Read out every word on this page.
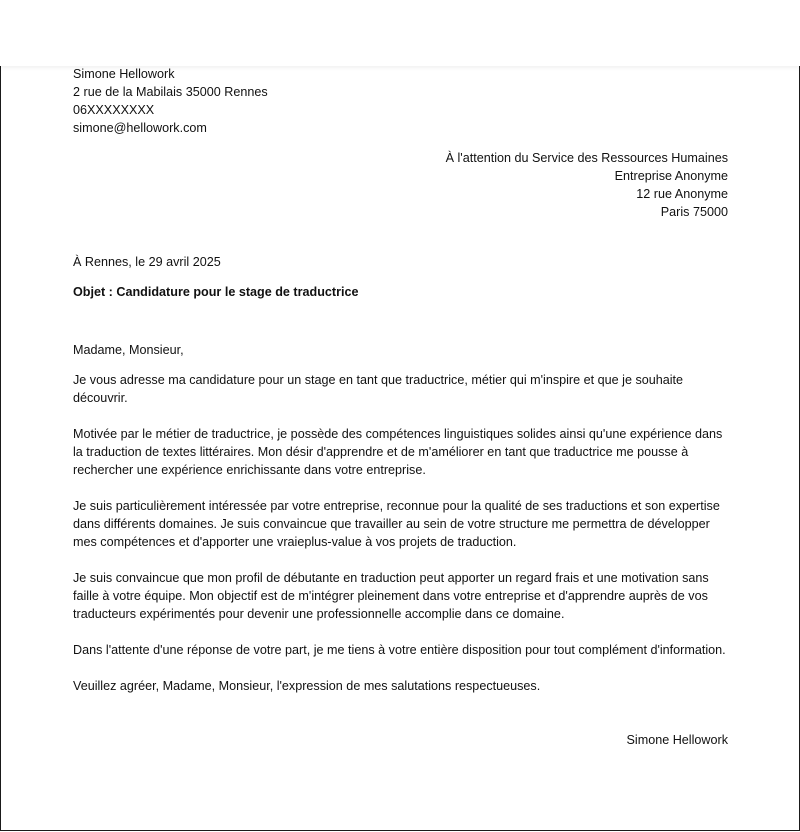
Simone Hellowork
2 rue de la Mabilais 35000 Rennes
06XXXXXXXX
simone@hellowork.com
À l'attention du Service des Ressources Humaines
Entreprise Anonyme
12 rue Anonyme
Paris 75000
À Rennes, le 29 avril 2025
Objet : Candidature pour le stage de traductrice
Madame, Monsieur,
Je vous adresse ma candidature pour un stage en tant que traductrice, métier qui m'inspire et que je souhaite découvrir.
Motivée par le métier de traductrice, je possède des compétences linguistiques solides ainsi qu'une expérience dans la traduction de textes littéraires. Mon désir d'apprendre et de m'améliorer en tant que traductrice me pousse à rechercher une expérience enrichissante dans votre entreprise.
Je suis particulièrement intéressée par votre entreprise, reconnue pour la qualité de ses traductions et son expertise dans différents domaines. Je suis convaincue que travailler au sein de votre structure me permettra de développer mes compétences et d'apporter une vraieplus-value à vos projets de traduction.
Je suis convaincue que mon profil de débutante en traduction peut apporter un regard frais et une motivation sans faille à votre équipe. Mon objectif est de m'intégrer pleinement dans votre entreprise et d'apprendre auprès de vos traducteurs expérimentés pour devenir une professionnelle accomplie dans ce domaine.
Dans l'attente d'une réponse de votre part, je me tiens à votre entière disposition pour tout complément d'information.
Veuillez agréer, Madame, Monsieur, l'expression de mes salutations respectueuses.
Simone Hellowork
